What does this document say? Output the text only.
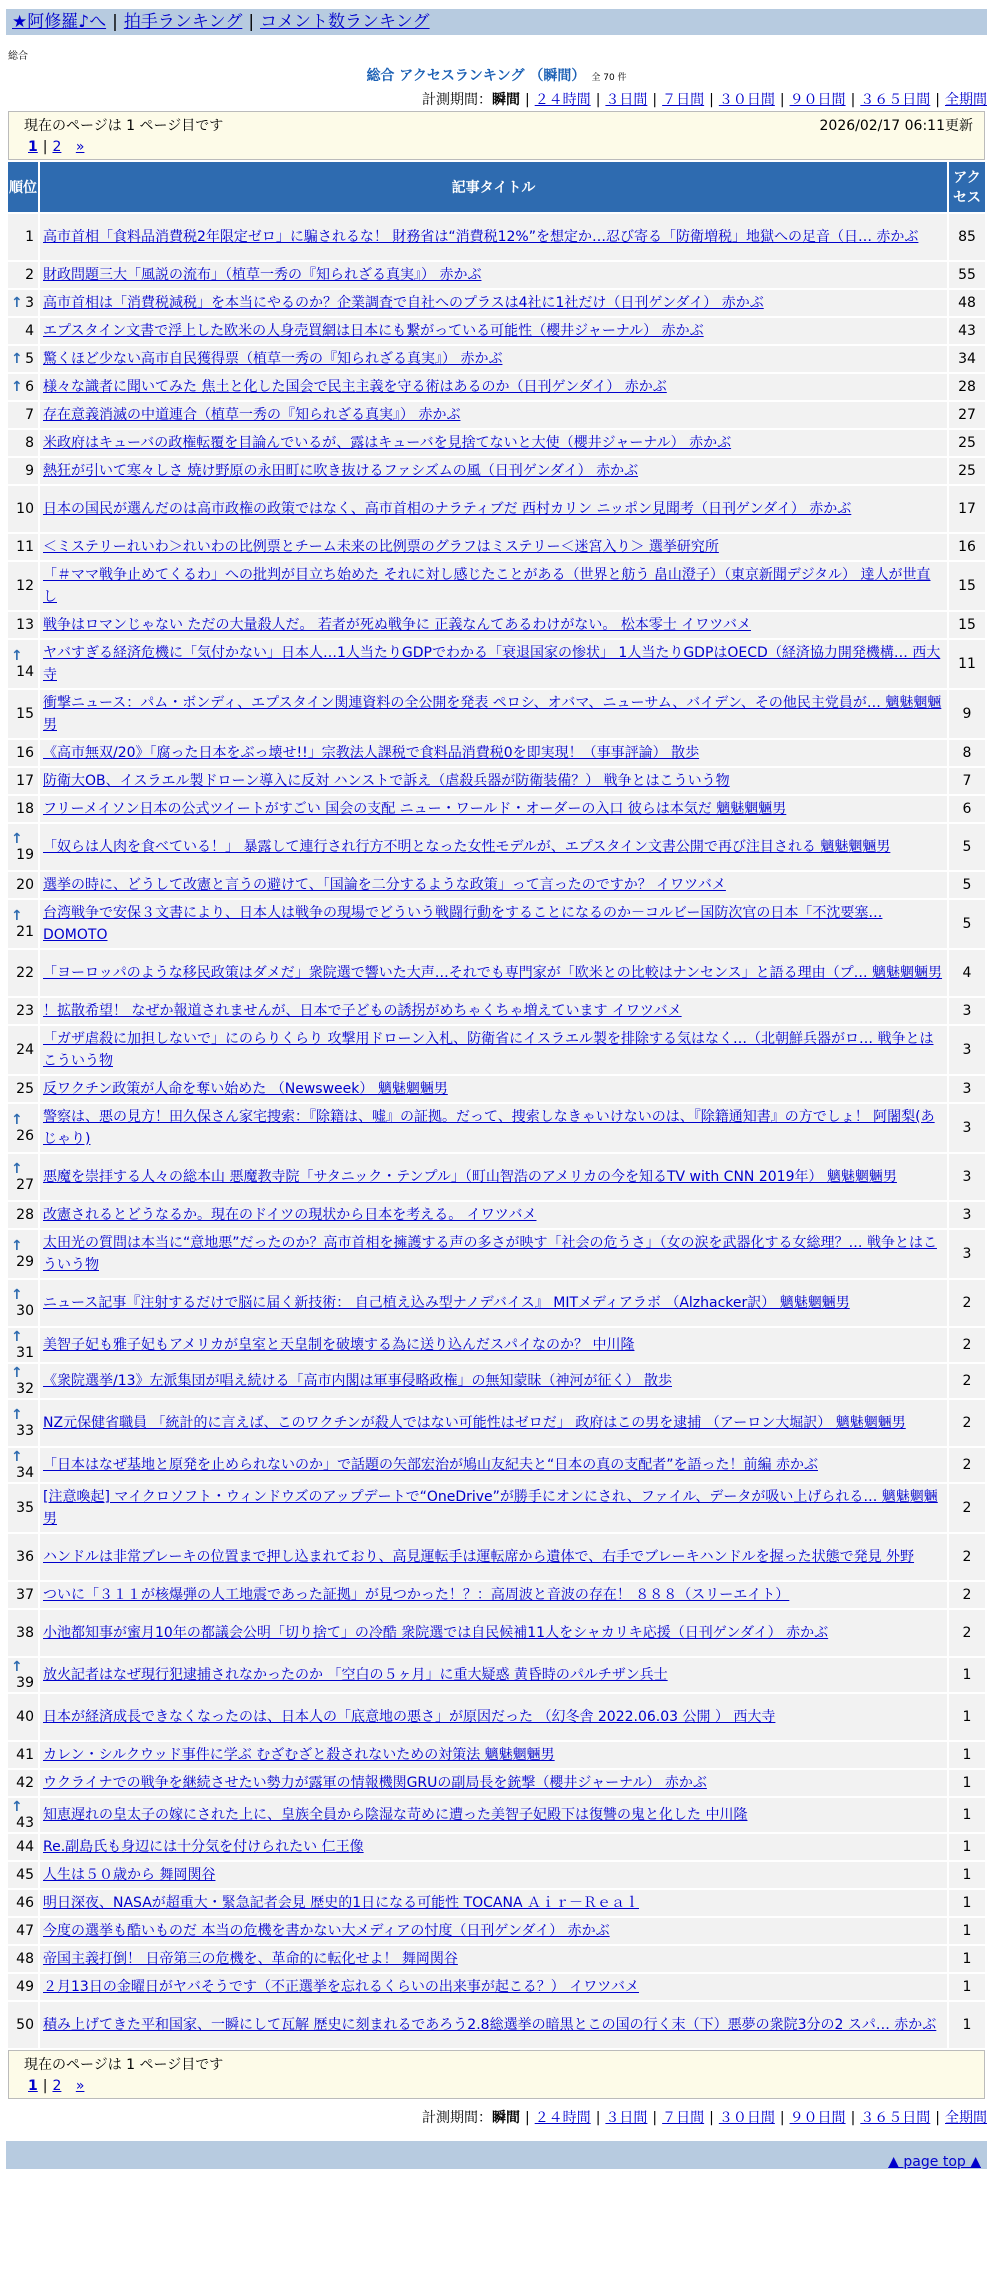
★阿修羅♪へ | 拍手ランキング | コメント数ランキング
総合
総合 アクセスランキング （瞬間） 全 70 件
計測期間：瞬間 | ２４時間 | ３日間 | ７日間 | ３０日間 | ９０日間 | ３６５日間 | 全期間
現在のページは 1 ページ目です 2026/02/17 06:11更新
1 | 2 »		

順位	記事タイトル	アクセス
1	高市首相「食料品消費税2年限定ゼロ」に騙されるな！ 財務省は“消費税12%”を想定か…忍び寄る「防衛増税」地獄への足音（日… 赤かぶ	85
2	財政問題三大「風説の流布」（植草一秀の『知られざる真実』） 赤かぶ	55

↑ 3	高市首相は「消費税減税」を本当にやるのか？企業調査で自社へのプラスは4社に1社だけ（日刊ゲンダイ） 赤かぶ	48
4	エプスタイン文書で浮上した欧米の人身売買網は日本にも繋がっている可能性（櫻井ジャーナル） 赤かぶ	43

↑ 5	驚くほど少ない高市自民獲得票（植草一秀の『知られざる真実』） 赤かぶ	34

↑ 6	様々な識者に聞いてみた 焦土と化した国会で民主主義を守る術はあるのか（日刊ゲンダイ） 赤かぶ	28
7	存在意義消滅の中道連合（植草一秀の『知られざる真実』） 赤かぶ	27
8	米政府はキューバの政権転覆を目論んでいるが、露はキューバを見捨てないと大使（櫻井ジャーナル） 赤かぶ	25
9	熱狂が引いて寒々しさ 焼け野原の永田町に吹き抜けるファシズムの風（日刊ゲンダイ） 赤かぶ	25
10	日本の国民が選んだのは高市政権の政策ではなく、高市首相のナラティブだ 西村カリン ニッポン見聞考（日刊ゲンダイ） 赤かぶ	17
11	＜ミステリーれいわ＞れいわの比例票とチーム未来の比例票のグラフはミステリー＜迷宮入り＞ 選挙研究所	16
12	「＃ママ戦争止めてくるわ」への批判が目立ち始めた それに対し感じたことがある（世界と舫う 畠山澄子）（東京新聞デジタル） 達人が世直し	15
13	戦争はロマンじゃない ただの大量殺人だ。 若者が死ぬ戦争に 正義なんてあるわけがない。 松本零士 イワツバメ	15

↑
14	ヤバすぎる経済危機に「気付かない」日本人…1人当たりGDPでわかる「衰退国家の惨状」 1人当たりGDPはOECD（経済協力開発機構… 西大寺	11
15	衝撃ニュース：パム・ボンディ、エプスタイン関連資料の全公開を発表 ペロシ、オバマ、ニューサム、バイデン、その他民主党員が… 魑魅魍魎男	9
16	《高市無双/20》「腐った日本をぶっ壊せ!!」宗教法人課税で食料品消費税0を即実現！（事事評論） 散歩	8
17	防衛大OB、イスラエル製ドローン導入に反対 ハンストで訴え（虐殺兵器が防衛装備？） 戦争とはこういう物	7
18	フリーメイソン日本の公式ツイートがすごい 国会の支配 ニュー・ワールド・オーダーの入口 彼らは本気だ 魑魅魍魎男	6

↑
19	「奴らは人肉を食べている！」 暴露して連行され行方不明となった女性モデルが、エプスタイン文書公開で再び注目される 魑魅魍魎男	5
20	選挙の時に、どうして改憲と言うの避けて、「国論を二分するような政策」って言ったのですか？ イワツバメ	5

↑
21	台湾戦争で安保３文書により、日本人は戦争の現場でどういう戦闘行動をすることになるのか－コルビー国防次官の日本「不沈要塞… DOMOTO	5
22	「ヨーロッパのような移民政策はダメだ」衆院選で響いた大声…それでも専門家が「欧米との比較はナンセンス」と語る理由（プ… 魑魅魍魎男	4
23	！拡散希望！ なぜか報道されませんが、日本で子どもの誘拐がめちゃくちゃ増えています イワツバメ	3
24	「ガザ虐殺に加担しないで」にのらりくらり 攻撃用ドローン入札、防衛省にイスラエル製を排除する気はなく…（北朝鮮兵器がロ… 戦争とはこういう物	3
25	反ワクチン政策が人命を奪い始めた （Newsweek） 魑魅魍魎男	3

↑
26	警察は、悪の見方！田久保さん家宅捜索：『除籍は、嘘』の証拠。だって、捜索しなきゃいけないのは、『除籍通知書』の方でしょ！ 阿闍梨(あじゃり)	3

↑
27	悪魔を崇拝する人々の総本山 悪魔教寺院「サタニック・テンプル」（町山智浩のアメリカの今を知るTV with CNN 2019年） 魑魅魍魎男	3
28	改憲されるとどうなるか。現在のドイツの現状から日本を考える。 イワツバメ	3

↑
29	太田光の質問は本当に“意地悪”だったのか？高市首相を擁護する声の多さが映す「社会の危うさ」（女の涙を武器化する女総理？… 戦争とはこういう物	3

↑
30	ニュース記事『注射するだけで脳に届く新技術： 自己植え込み型ナノデバイス』 MITメディアラボ （Alzhacker訳） 魑魅魍魎男	2

↑
31	美智子妃も雅子妃もアメリカが皇室と天皇制を破壊する為に送り込んだスパイなのか？ 中川隆	2

↑
32	《衆院選挙/13》左派集団が唱え続ける「高市内閣は軍事侵略政権」の無知蒙昧（神河が征く） 散歩	2

↑
33	NZ元保健省職員 「統計的に言えば、このワクチンが殺人ではない可能性はゼロだ」 政府はこの男を逮捕 （アーロン大堀訳） 魑魅魍魎男	2

↑
34	「日本はなぜ基地と原発を止められないのか」で話題の矢部宏治が鳩山友紀夫と“日本の真の支配者”を語った！前編 赤かぶ	2
35	[注意喚起] マイクロソフト・ウィンドウズのアップデートで“OneDrive”が勝手にオンにされ、ファイル、データが吸い上げられる… 魑魅魍魎男	2
36	ハンドルは非常ブレーキの位置まで押し込まれており、高見運転手は運転席から遺体で、右手でブレーキハンドルを握った状態で発見 外野	2
37	ついに「３１１が核爆弾の人工地震であった証拠」が見つかった！？：高周波と音波の存在！ ８８８（スリーエイト）	2
38	小池都知事が蜜月10年の都議会公明「切り捨て」の冷酷 衆院選では自民候補11人をシャカリキ応援（日刊ゲンダイ） 赤かぶ	2

↑
39	放火記者はなぜ現行犯逮捕されなかったのか 「空白の５ヶ月」に重大疑惑 黄昏時のパルチザン兵士	1
40	日本が経済成長できなくなったのは、日本人の「底意地の悪さ」が原因だった （幻冬舎 2022.06.03 公開 ） 西大寺	1
41	カレン・シルクウッド事件に学ぶ むざむざと殺されないための対策法 魑魅魍魎男	1
42	ウクライナでの戦争を継続させたい勢力が露軍の情報機関GRUの副局長を銃撃（櫻井ジャーナル） 赤かぶ	1

↑
43	知恵遅れの皇太子の嫁にされた上に、皇族全員から陰湿な苛めに遭った美智子妃殿下は復讐の鬼と化した 中川隆	1
44	Re.副島氏も身辺には十分気を付けられたい 仁王像	1
45	人生は５０歳から 舞岡関谷	1
46	明日深夜、NASAが超重大・緊急記者会見 歴史的1日になる可能性 TOCANA Ａｉｒ－Ｒｅａｌ	1
47	今度の選挙も酷いものだ 本当の危機を書かない大メディアの忖度（日刊ゲンダイ） 赤かぶ	1
48	帝国主義打倒！ 日帝第三の危機を、革命的に転化せよ！ 舞岡関谷	1
49	２月13日の金曜日がヤバそうです（不正選挙を忘れるくらいの出来事が起こる？） イワツバメ	1
50	積み上げてきた平和国家、一瞬にして瓦解 歴史に刻まれるであろう2.8総選挙の暗黒とこの国の行く末（下）悪夢の衆院3分の2 スパ… 赤かぶ	1

現在のページは 1 ページ目です
1 | 2 »		
計測期間：瞬間 | ２４時間 | ３日間 | ７日間 | ３０日間 | ９０日間 | ３６５日間 | 全期間
▲ page top ▲
